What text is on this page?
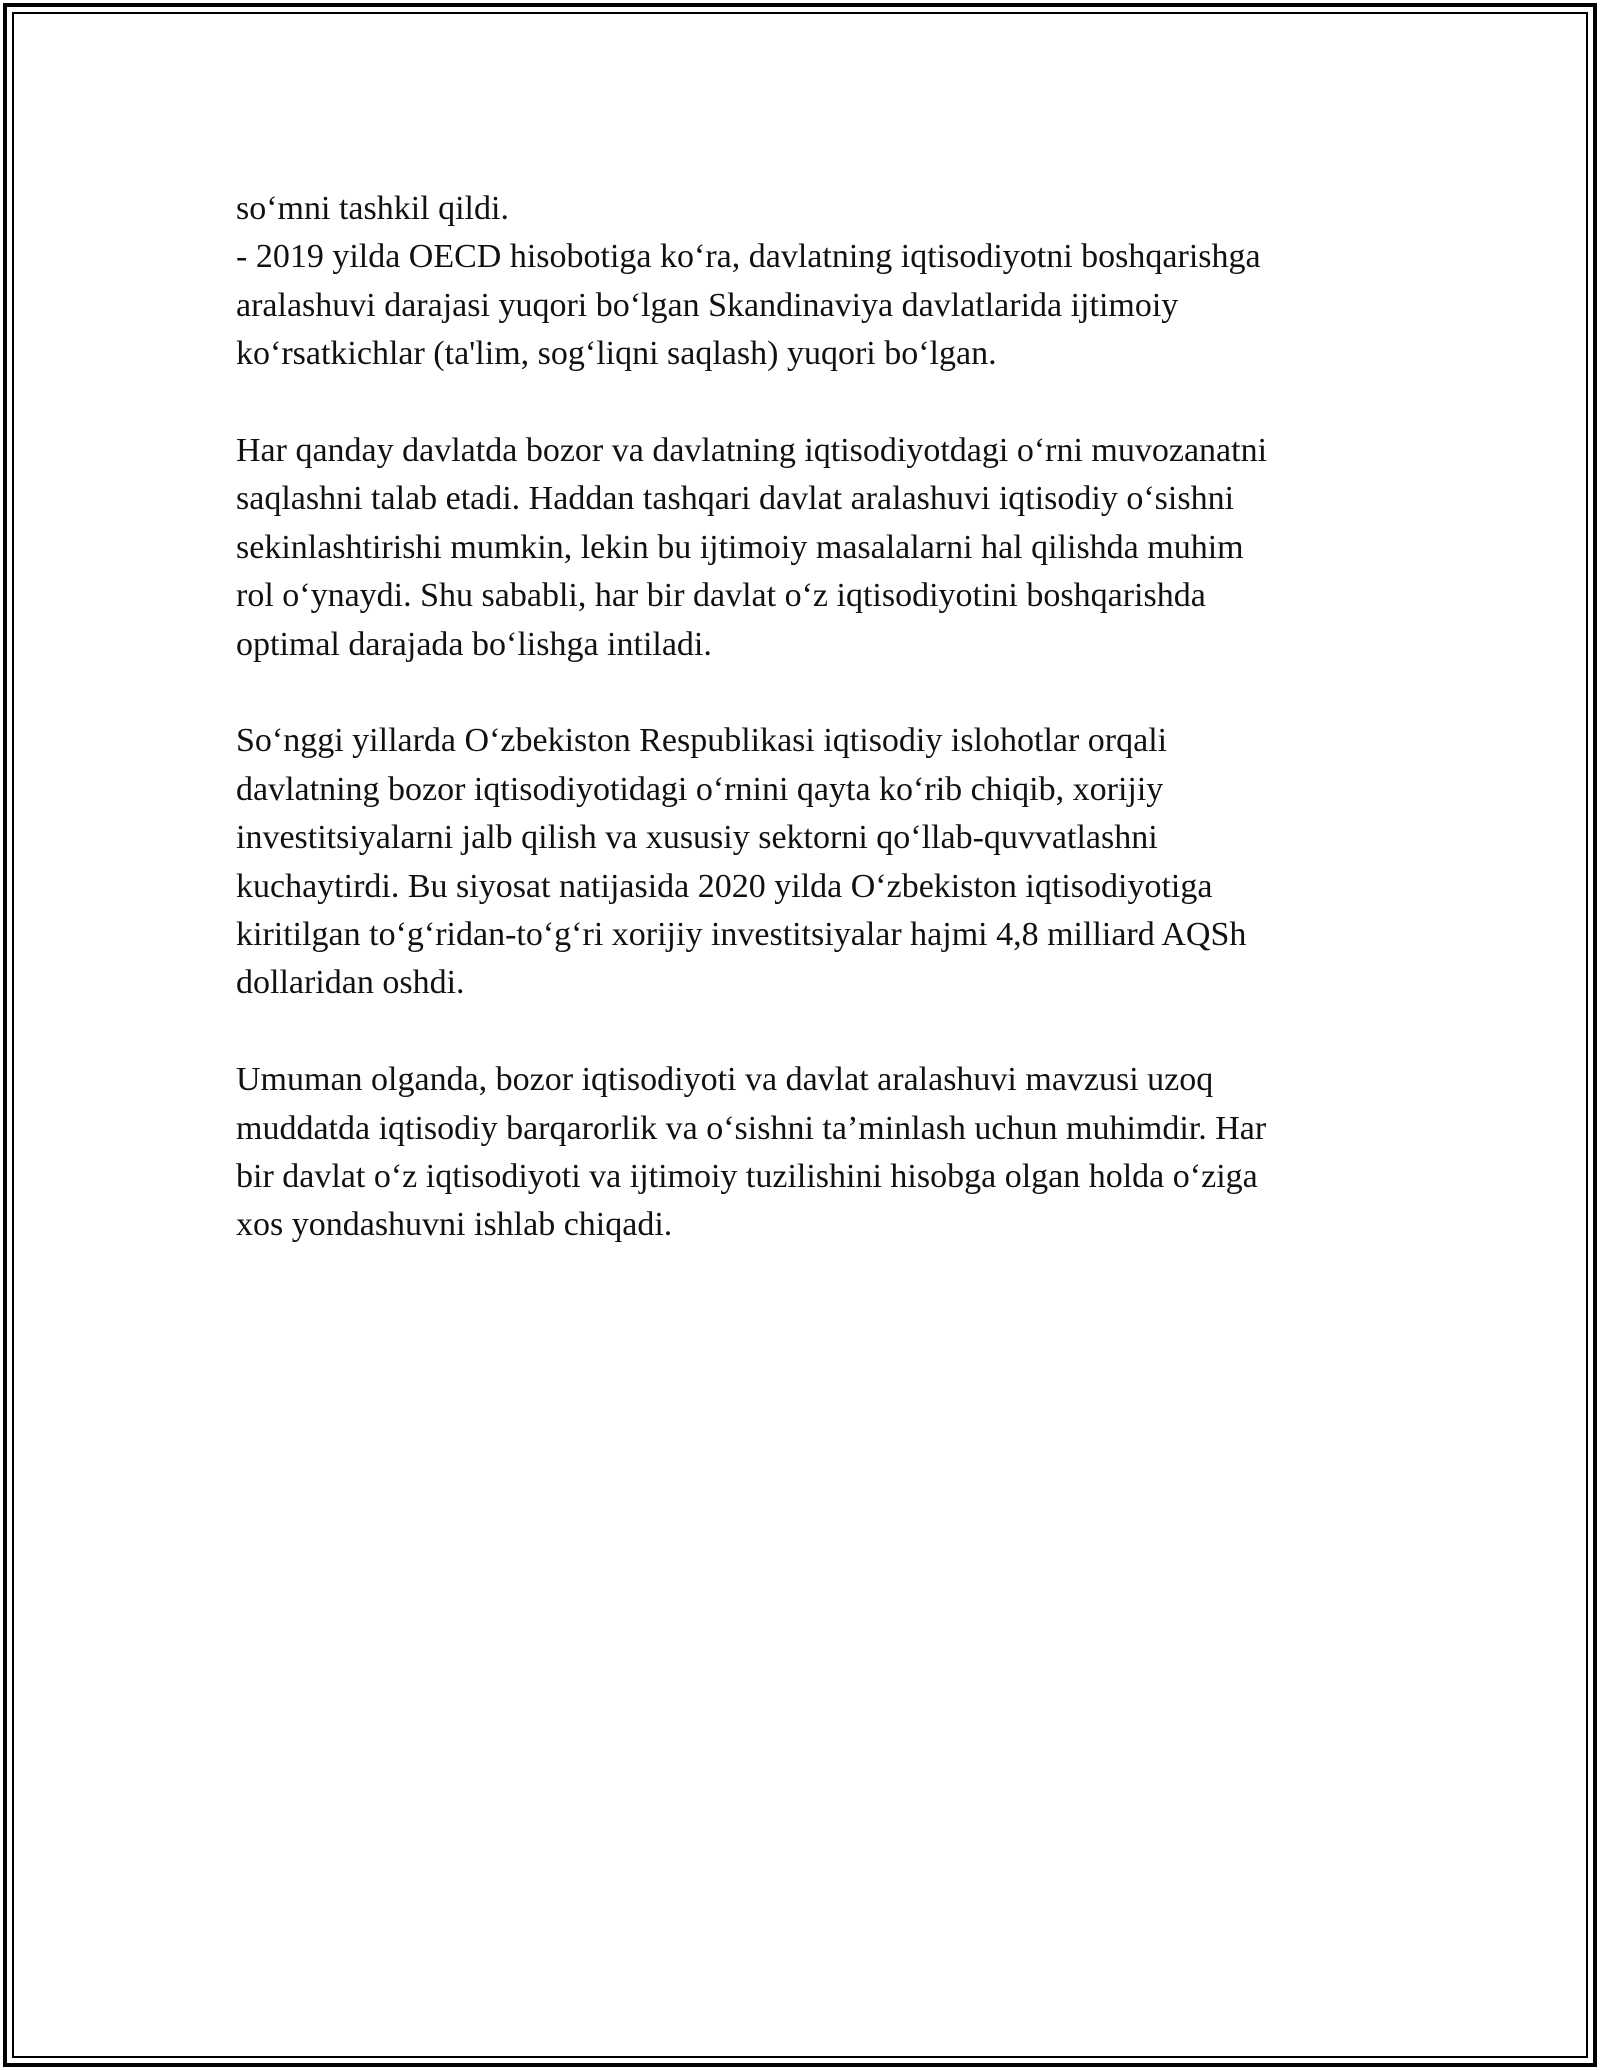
so‘mni tashkil qildi.
- 2019 yilda OECD hisobotiga ko‘ra, davlatning iqtisodiyotni boshqarishga
aralashuvi darajasi yuqori bo‘lgan Skandinaviya davlatlarida ijtimoiy
ko‘rsatkichlar (ta'lim, sog‘liqni saqlash) yuqori bo‘lgan.

Har qanday davlatda bozor va davlatning iqtisodiyotdagi o‘rni muvozanatni
saqlashni talab etadi. Haddan tashqari davlat aralashuvi iqtisodiy o‘sishni
sekinlashtirishi mumkin, lekin bu ijtimoiy masalalarni hal qilishda muhim
rol o‘ynaydi. Shu sababli, har bir davlat o‘z iqtisodiyotini boshqarishda
optimal darajada bo‘lishga intiladi.

So‘nggi yillarda O‘zbekiston Respublikasi iqtisodiy islohotlar orqali
davlatning bozor iqtisodiyotidagi o‘rnini qayta ko‘rib chiqib, xorijiy
investitsiyalarni jalb qilish va xususiy sektorni qo‘llab-quvvatlashni
kuchaytirdi. Bu siyosat natijasida 2020 yilda O‘zbekiston iqtisodiyotiga
kiritilgan to‘g‘ridan-to‘g‘ri xorijiy investitsiyalar hajmi 4,8 milliard AQSh
dollaridan oshdi.

Umuman olganda, bozor iqtisodiyoti va davlat aralashuvi mavzusi uzoq
muddatda iqtisodiy barqarorlik va o‘sishni ta’minlash uchun muhimdir. Har
bir davlat o‘z iqtisodiyoti va ijtimoiy tuzilishini hisobga olgan holda o‘ziga
xos yondashuvni ishlab chiqadi.
